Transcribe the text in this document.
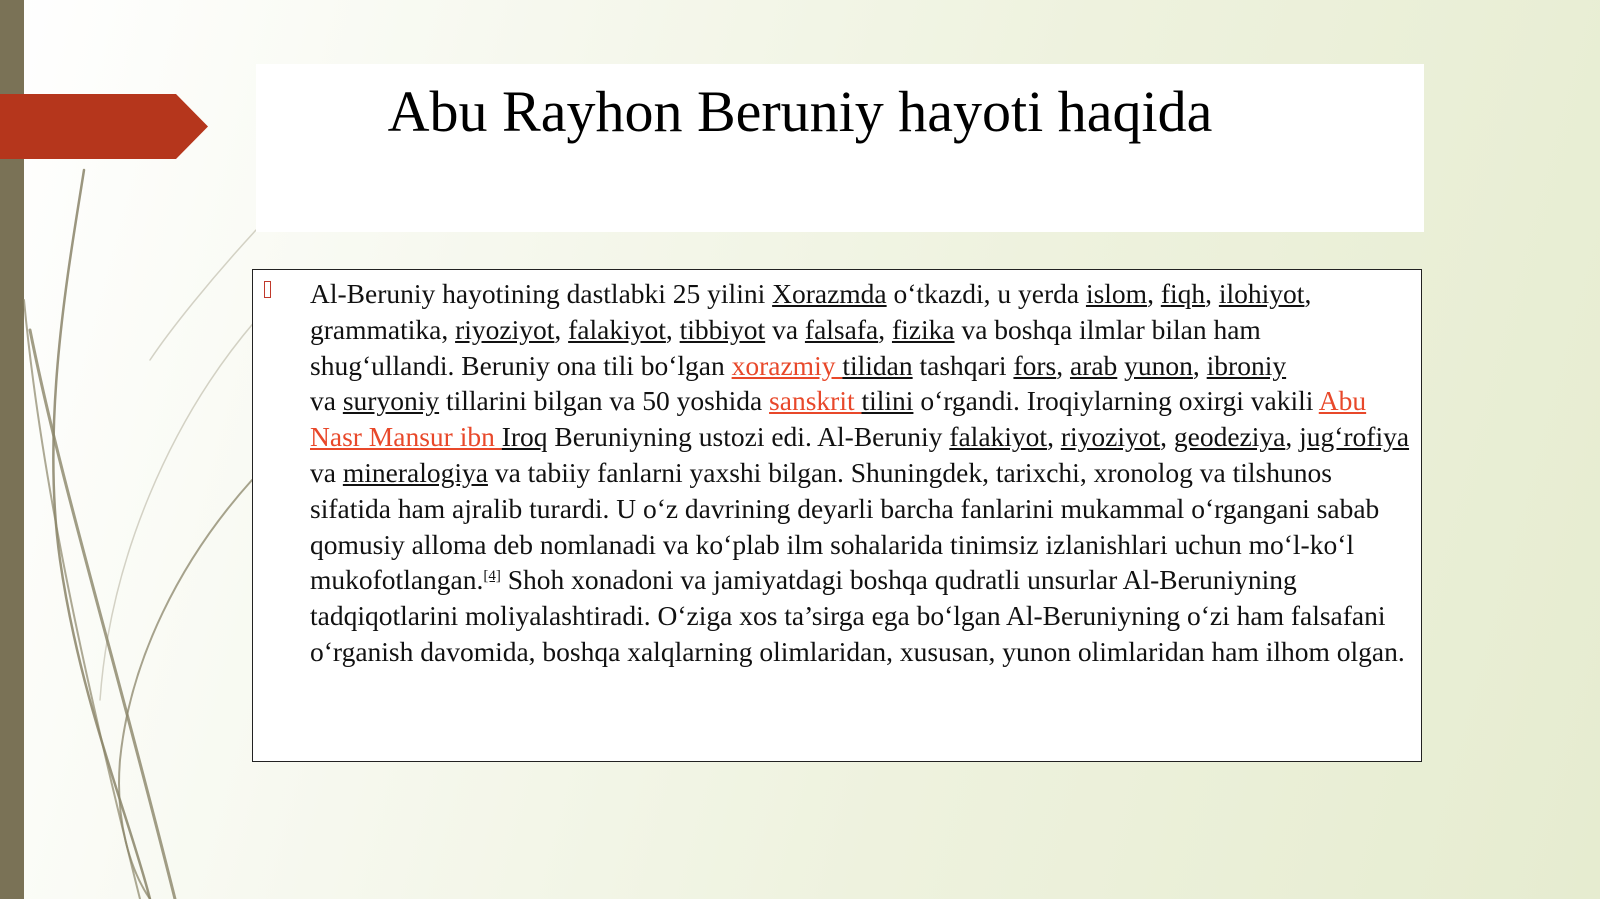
Abu Rayhon Beruniy hayoti haqida

Al-Beruniy hayotining dastlabki 25 yilini Xorazmda o‘tkazdi, u yerda islom, fiqh, ilohiyot, grammatika, riyoziyot, falakiyot, tibbiyot va falsafa, fizika va boshqa ilmlar bilan ham shug‘ullandi. Beruniy ona tili bo‘lgan xorazmiy tilidan tashqari fors, arab yunon, ibroniy
va suryoniy tillarini bilgan va 50 yoshida sanskrit tilini o‘rgandi. Iroqiylarning oxirgi vakili Abu Nasr Mansur ibn Iroq Beruniyning ustozi edi. Al-Beruniy falakiyot, riyoziyot, geodeziya, jug‘rofiya va mineralogiya va tabiiy fanlarni yaxshi bilgan. Shuningdek, tarixchi, xronolog va tilshunos sifatida ham ajralib turardi. U o‘z davrining deyarli barcha fanlarini mukammal o‘rgangani sabab qomusiy alloma deb nomlanadi va ko‘plab ilm sohalarida tinimsiz izlanishlari uchun mo‘l-ko‘l mukofotlangan.[4] Shoh xonadoni va jamiyatdagi boshqa qudratli unsurlar Al-Beruniyning tadqiqotlarini moliyalashtiradi. O‘ziga xos ta’sirga ega bo‘lgan Al-Beruniyning o‘zi ham falsafani o‘rganish davomida, boshqa xalqlarning olimlaridan, xususan, yunon olimlaridan ham ilhom olgan.
